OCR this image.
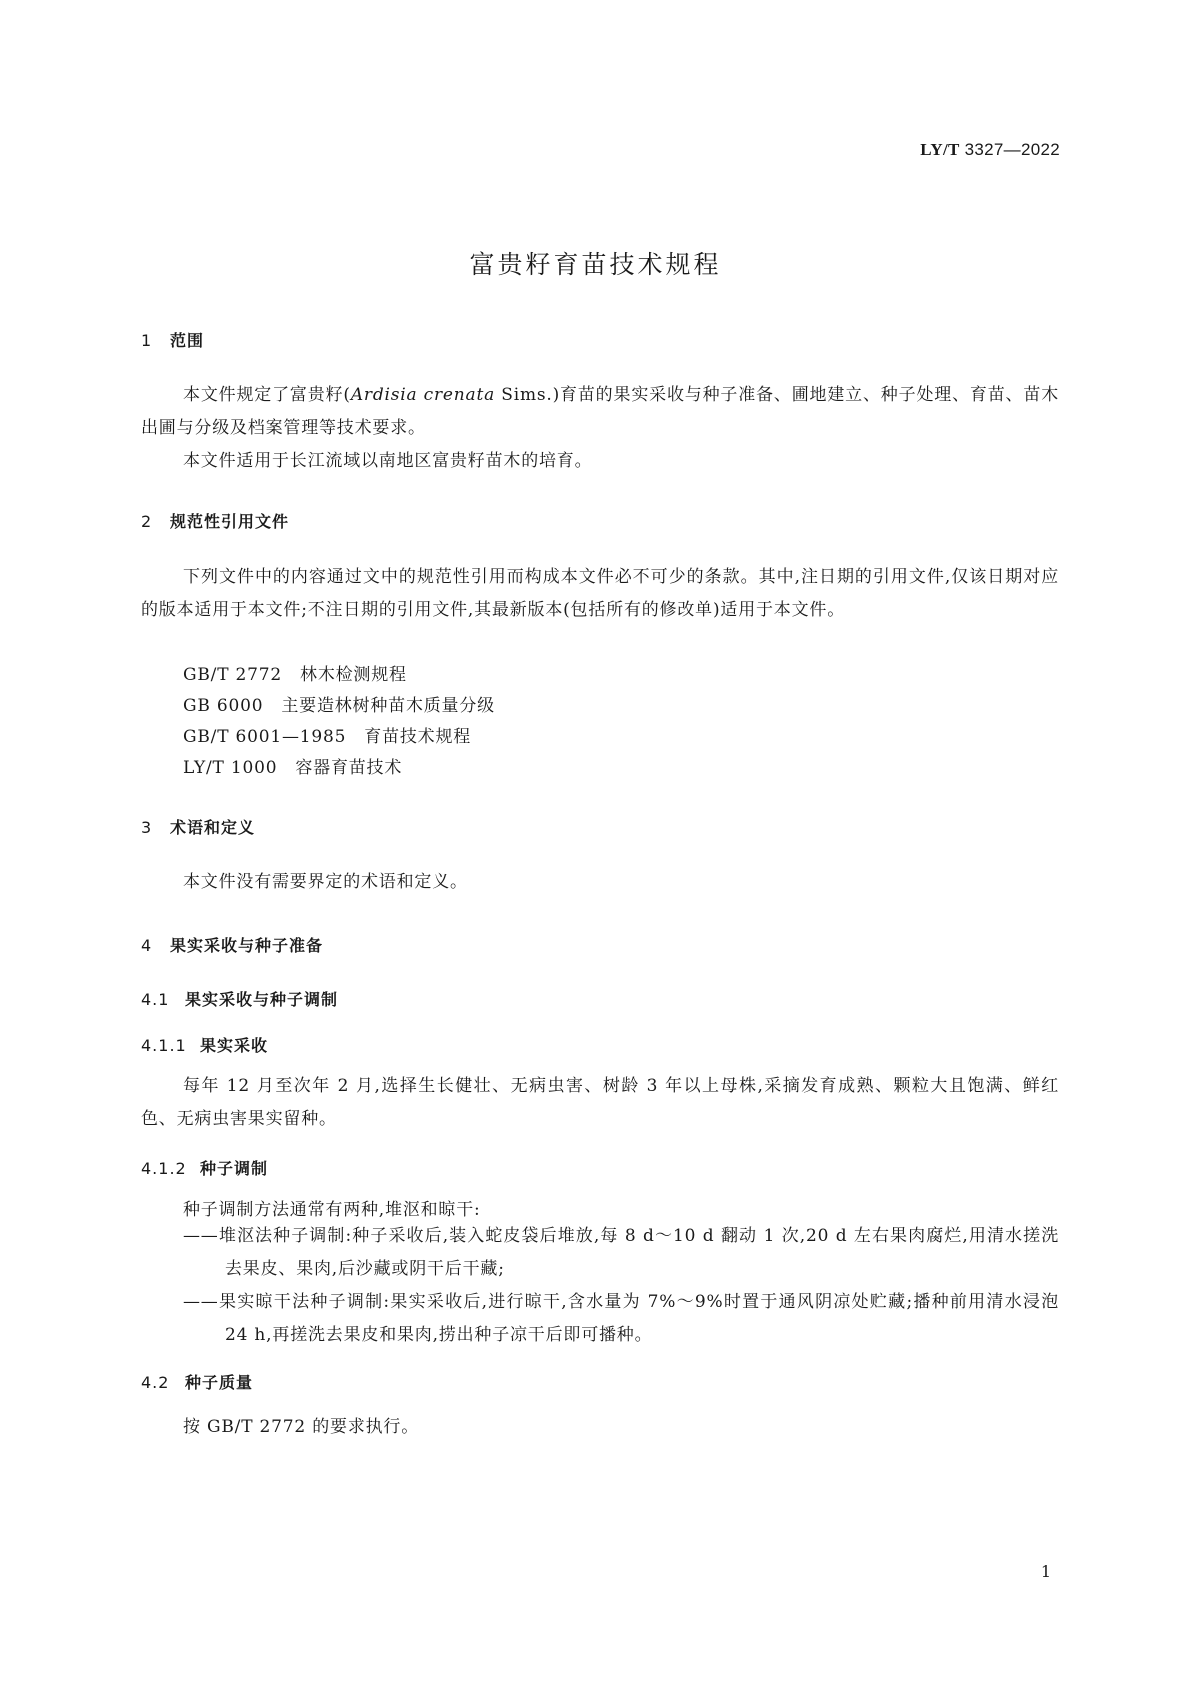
LY/T 3327—2022
富贵籽育苗技术规程
1 范围
本文件规定了富贵籽(Ardisia crenata Sims.)育苗的果实采收与种子准备、圃地建立、种子处理、育苗、苗木出圃与分级及档案管理等技术要求。
本文件适用于长江流域以南地区富贵籽苗木的培育。
2 规范性引用文件
下列文件中的内容通过文中的规范性引用而构成本文件必不可少的条款。其中,注日期的引用文件,仅该日期对应的版本适用于本文件;不注日期的引用文件,其最新版本(包括所有的修改单)适用于本文件。
GB/T 2772 林木检测规程
GB 6000 主要造林树种苗木质量分级
GB/T 6001—1985 育苗技术规程
LY/T 1000 容器育苗技术
3 术语和定义
本文件没有需要界定的术语和定义。
4 果实采收与种子准备
4.1 果实采收与种子调制
4.1.1 果实采收
每年 12 月至次年 2 月,选择生长健壮、无病虫害、树龄 3 年以上母株,采摘发育成熟、颗粒大且饱满、鲜红色、无病虫害果实留种。
4.1.2 种子调制
种子调制方法通常有两种,堆沤和晾干:
——堆沤法种子调制:种子采收后,装入蛇皮袋后堆放,每 8 d～10 d 翻动 1 次,20 d 左右果肉腐烂,用清水搓洗去果皮、果肉,后沙藏或阴干后干藏;
——果实晾干法种子调制:果实采收后,进行晾干,含水量为 7%～9%时置于通风阴凉处贮藏;播种前用清水浸泡 24 h,再搓洗去果皮和果肉,捞出种子凉干后即可播种。
4.2 种子质量
按 GB/T 2772 的要求执行。
1
